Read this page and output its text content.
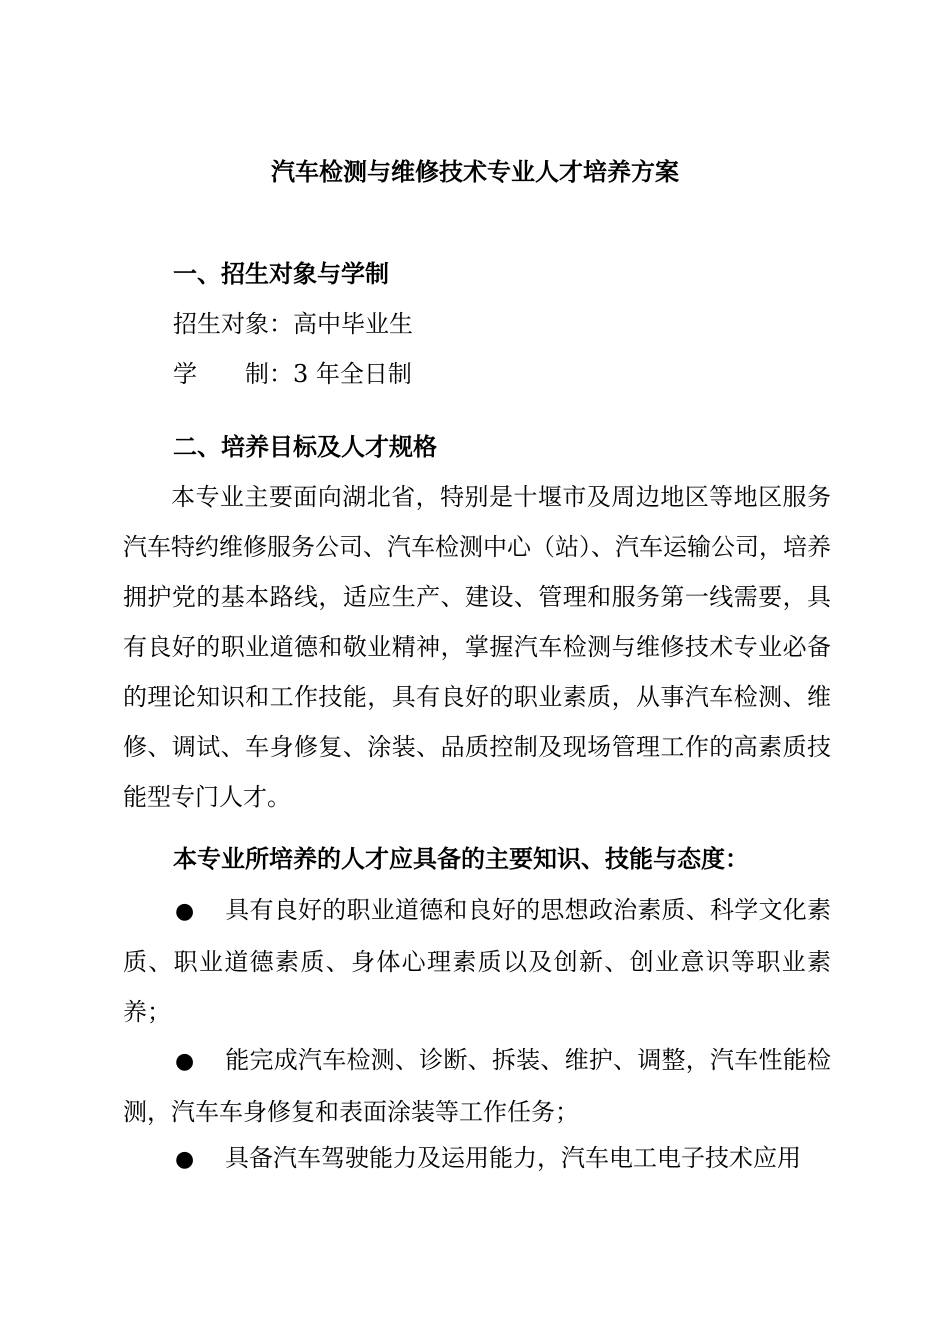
汽车检测与维修技术专业人才培养方案
一、招生对象与学制

招生对象：高中毕业生

学制：3 年全日制

二、培养目标及人才规格

本专业主要面向湖北省，特别是十堰市及周边地区等地区服务汽车特约维修服务公司、汽车检测中心（站）、汽车运输公司，培养拥护党的基本路线，适应生产、建设、管理和服务第一线需要，具有良好的职业道德和敬业精神，掌握汽车检测与维修技术专业必备的理论知识和工作技能，具有良好的职业素质，从事汽车检测、维修、调试、车身修复、涂装、品质控制及现场管理工作的高素质技能型专门人才。

本专业所培养的人才应具备的主要知识、技能与态度：

● 具有良好的职业道德和良好的思想政治素质、科学文化素质、职业道德素质、身体心理素质以及创新、创业意识等职业素养；

● 能完成汽车检测、诊断、拆装、维护、调整，汽车性能检测，汽车车身修复和表面涂装等工作任务；

● 具备汽车驾驶能力及运用能力，汽车电工电子技术应用
